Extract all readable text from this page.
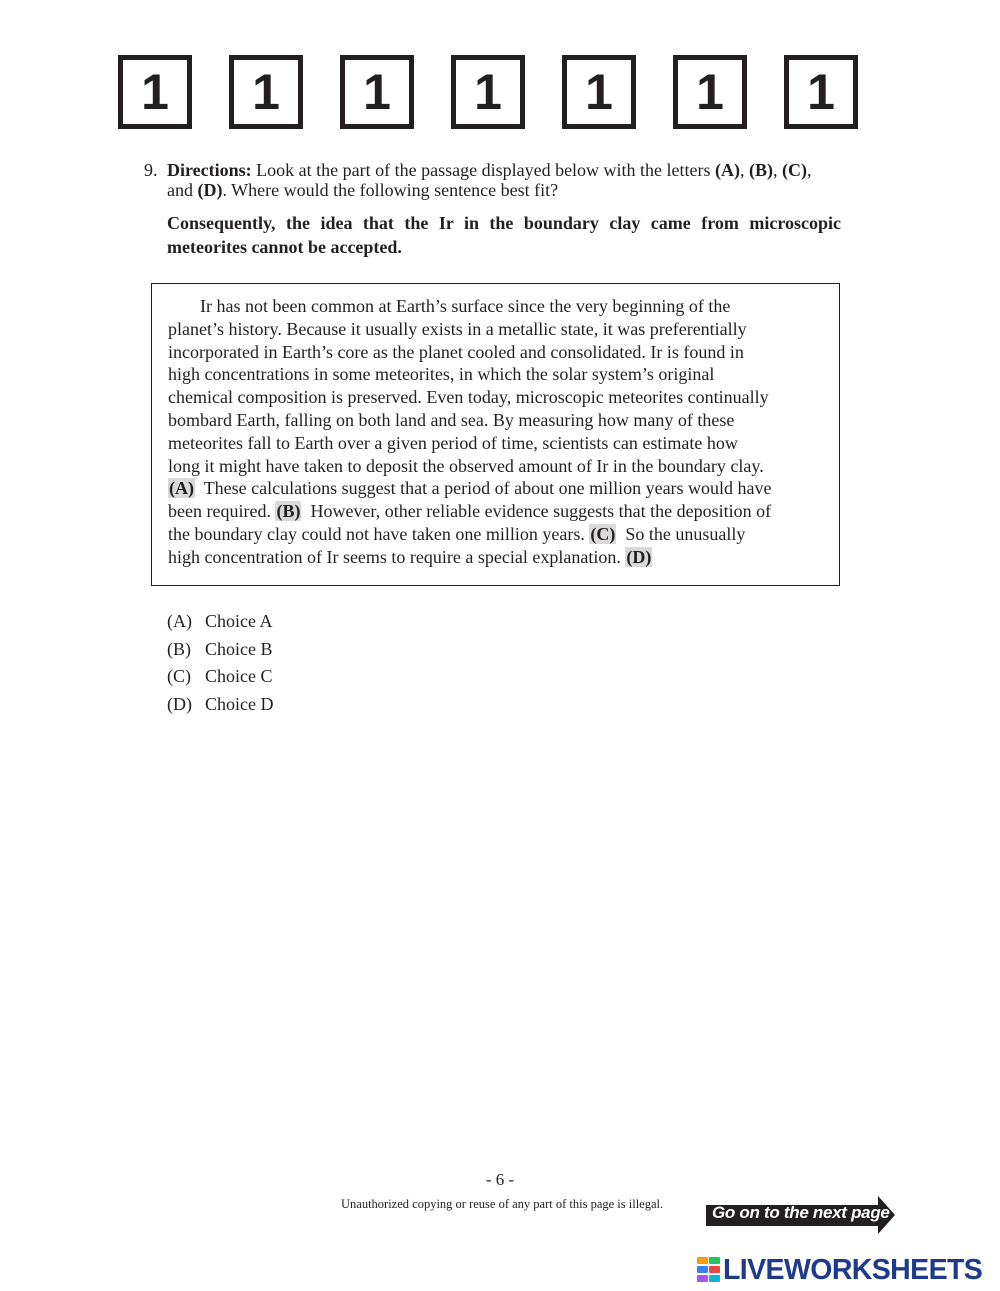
1	1	1	1	1	1	1
9. Directions: Look at the part of the passage displayed below with the letters (A), (B), (C),
and (D). Where would the following sentence best fit?
Consequently, the idea that the Ir in the boundary clay came from microscopic meteorites cannot be accepted.

Ir has not been common at Earth’s surface since the very beginning of the
planet’s history. Because it usually exists in a metallic state, it was preferentially
incorporated in Earth’s core as the planet cooled and consolidated. Ir is found in
high concentrations in some meteorites, in which the solar system’s original
chemical composition is preserved. Even today, microscopic meteorites continually
bombard Earth, falling on both land and sea. By measuring how many of these
meteorites fall to Earth over a given period of time, scientists can estimate how
long it might have taken to deposit the observed amount of Ir in the boundary clay.
(A) These calculations suggest that a period of about one million years would have
been required. (B) However, other reliable evidence suggests that the deposition of
the boundary clay could not have taken one million years. (C) So the unusually
high concentration of Ir seems to require a special explanation. (D)

(A) Choice A
(B) Choice B
(C) Choice C
(D) Choice D
- 6 -
Unauthorized copying or reuse of any part of this page is illegal.	Go on to the next page
LIVEWORKSHEETS
